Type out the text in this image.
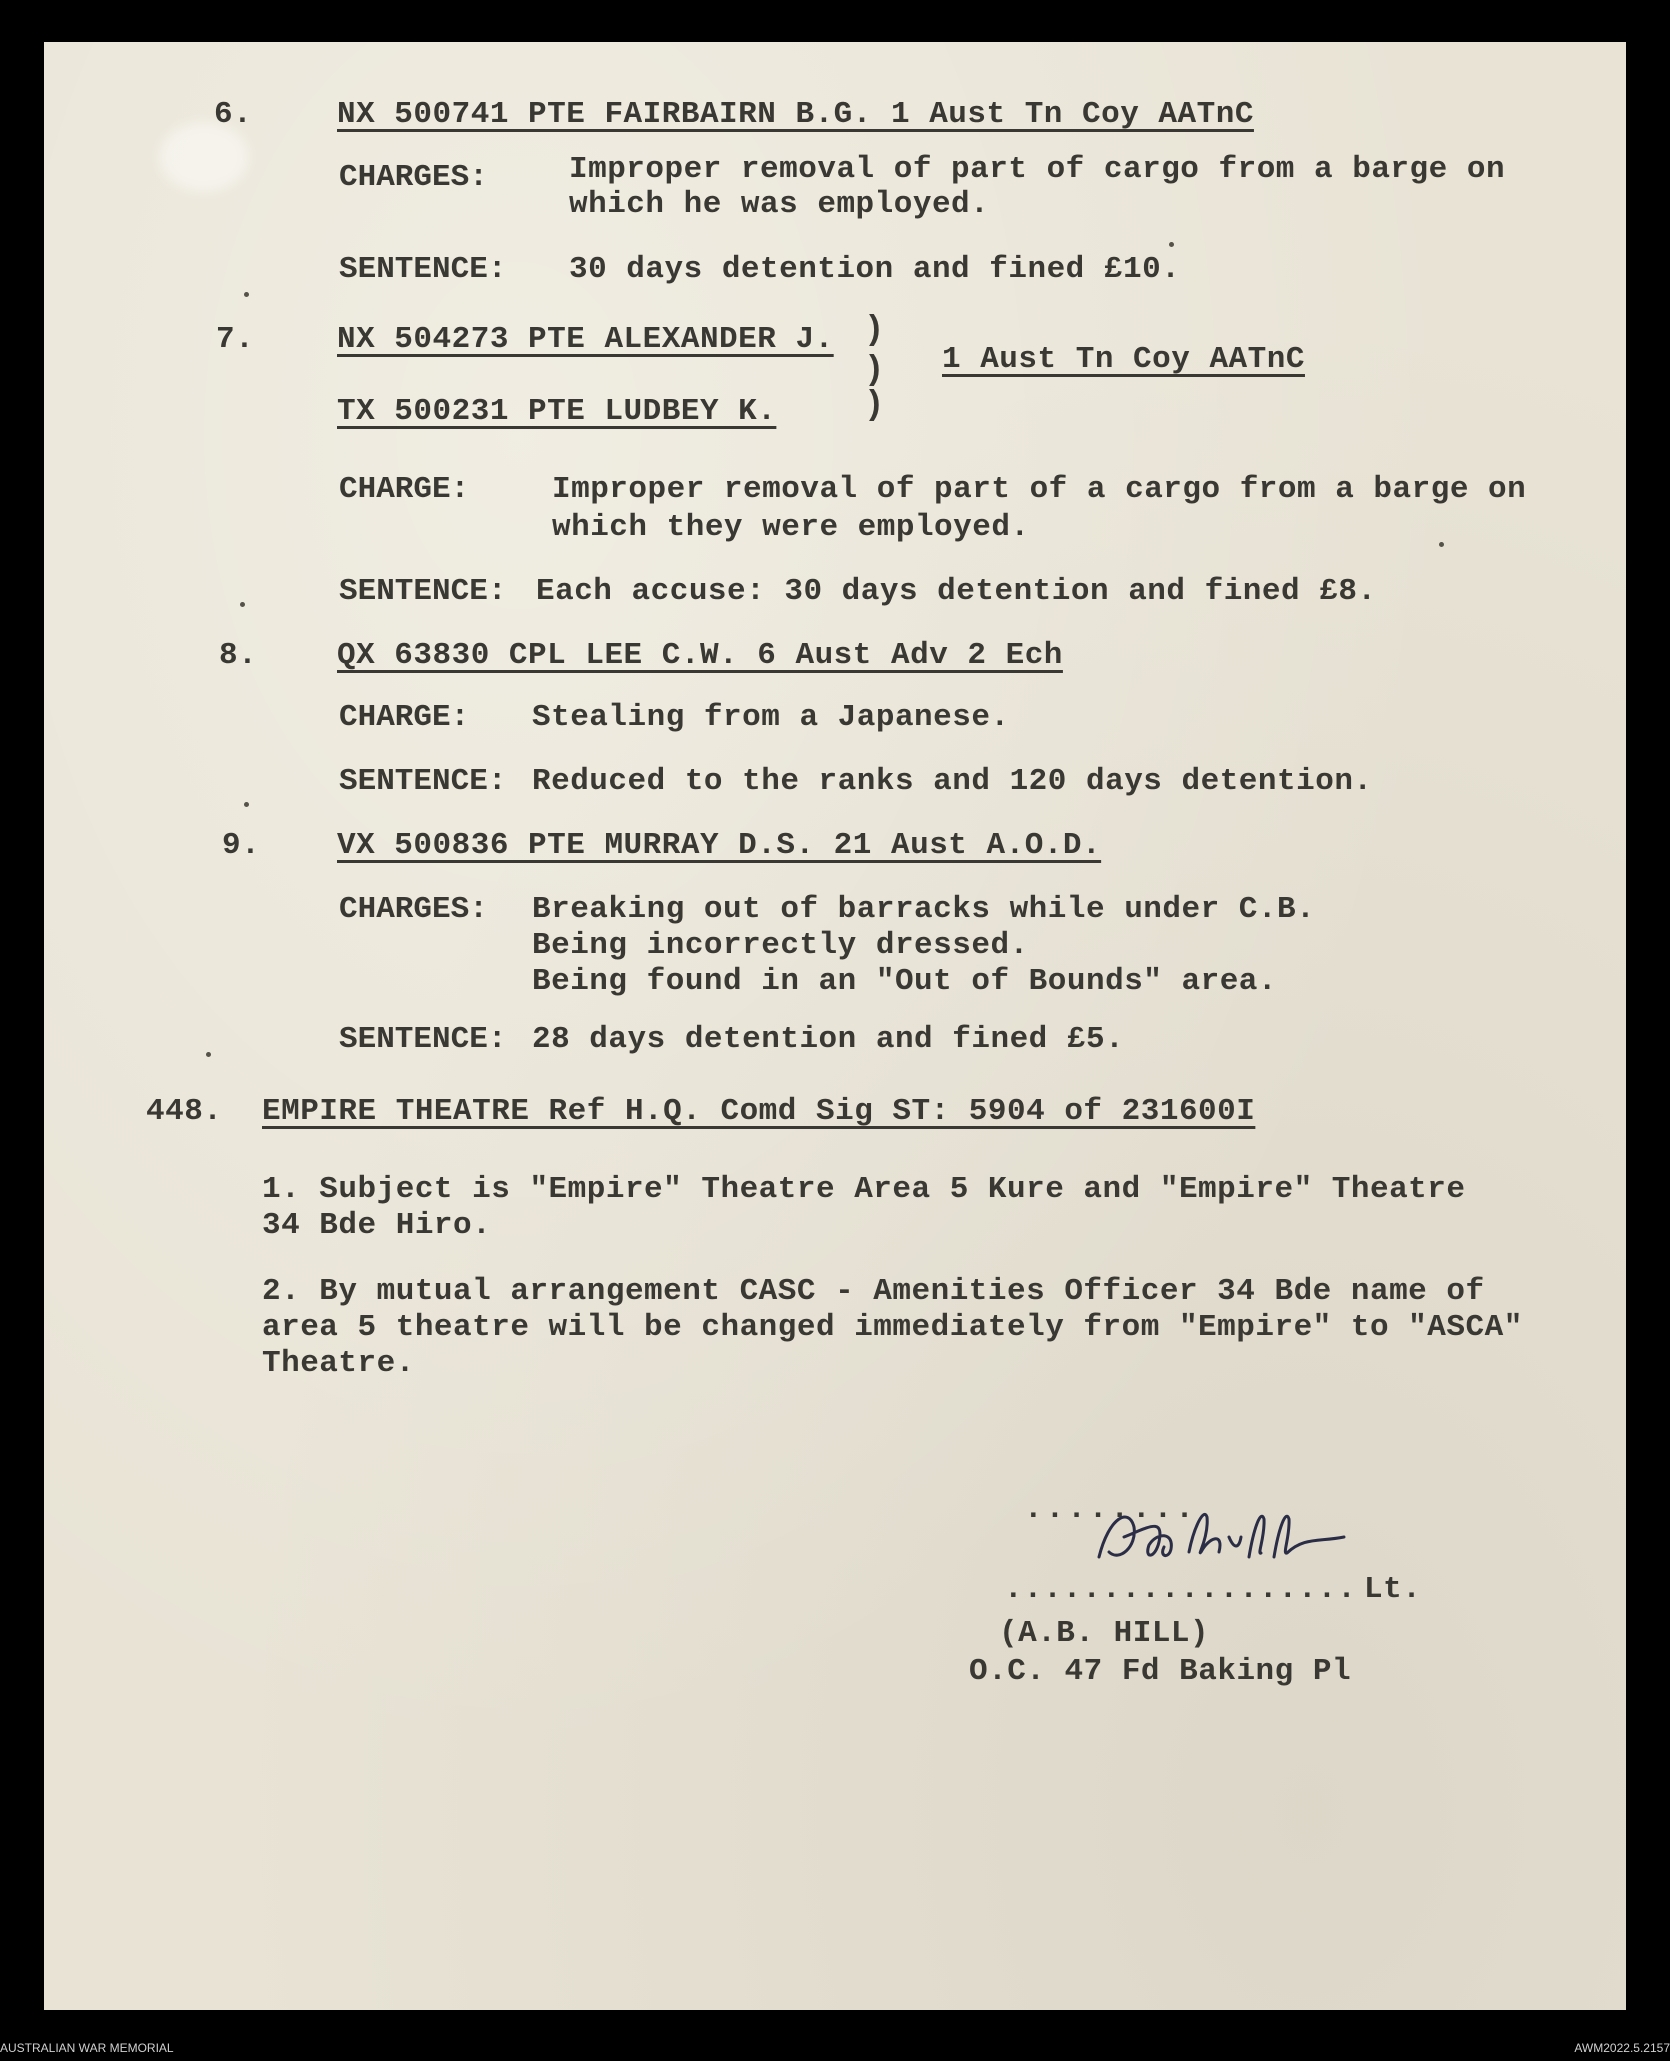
6.	NX 500741 PTE FAIRBAIRN B.G. 1 Aust Tn Coy AATnC
CHARGES:	Improper removal of part of cargo from a barge on
which he was employed.
SENTENCE: 30 days detention and fined £10.
7.	NX 504273 PTE ALEXANDER J.
TX 500231 PTE LUDBEY K.
)
)
)
1 Aust Tn Coy AATnC
CHARGE:	Improper removal of part of a cargo from a barge on
which they were employed.
SENTENCE: Each accuse: 30 days detention and fined £8.
8.	QX 63830 CPL LEE C.W. 6 Aust Adv 2 Ech
CHARGE: Stealing from a Japanese.
SENTENCE: Reduced to the ranks and 120 days detention.
9. VX 500836 PTE MURRAY D.S. 21 Aust A.O.D.
CHARGES: Breaking out of barracks while under C.B.
Being incorrectly dressed.
Being found in an "Out of Bounds" area.
SENTENCE: 28 days detention and fined £5.
448. EMPIRE THEATRE Ref H.Q. Comd Sig ST: 5904 of 231600I
1. Subject is "Empire" Theatre Area 5 Kure and "Empire" Theatre
34 Bde Hiro.
2. By mutual arrangement CASC - Amenities Officer 34 Bde name of
area 5 theatre will be changed immediately from "Empire" to "ASCA"
Theatre.
........
.................. Lt.
(A.B. HILL)
O.C. 47 Fd Baking Pl
AUSTRALIAN WAR MEMORIAL	AWM2022.5.2157
